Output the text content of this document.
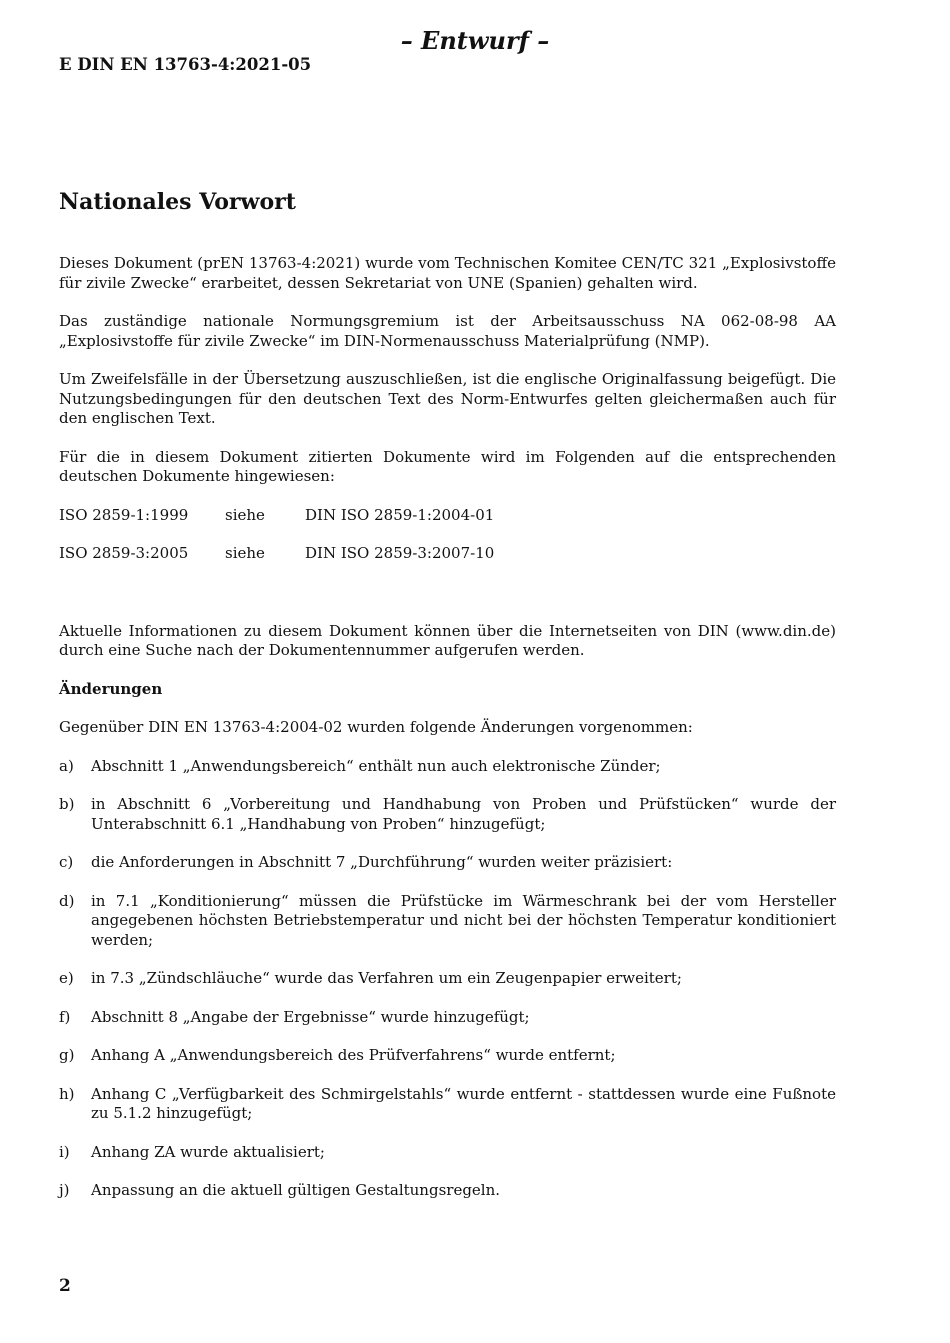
– Entwurf –
E DIN EN 13763-4:2021-05
Nationales Vorwort

Dieses Dokument (prEN 13763-4:2021) wurde vom Technischen Komitee CEN/TC 321 „Explosivstoffe für zivile Zwecke“ erarbeitet, dessen Sekretariat von UNE (Spanien) gehalten wird.

Das zuständige nationale Normungsgremium ist der Arbeitsausschuss NA 062-08-98 AA „Explosivstoffe für zivile Zwecke“ im DIN-Normenausschuss Materialprüfung (NMP).

Um Zweifelsfälle in der Übersetzung auszuschließen, ist die englische Originalfassung beigefügt. Die Nutzungsbedingungen für den deutschen Text des Norm-Entwurfes gelten gleichermaßen auch für den englischen Text.

Für die in diesem Dokument zitierten Dokumente wird im Folgenden auf die entsprechenden deutschen Dokumente hingewiesen:

ISO 2859-1:1999	siehe	DIN ISO 2859-1:2004-01
ISO 2859-3:2005	siehe	DIN ISO 2859-3:2007-10

Aktuelle Informationen zu diesem Dokument können über die Internetseiten von DIN (www.din.de) durch eine Suche nach der Dokumentennummer aufgerufen werden.

Änderungen

Gegenüber DIN EN 13763-4:2004-02 wurden folgende Änderungen vorgenommen:

a)	Abschnitt 1 „Anwendungsbereich“ enthält nun auch elektronische Zünder;
b)	in Abschnitt 6 „Vorbereitung und Handhabung von Proben und Prüfstücken“ wurde der Unterabschnitt 6.1 „Handhabung von Proben“ hinzugefügt;
c)	die Anforderungen in Abschnitt 7 „Durchführung“ wurden weiter präzisiert:
d)	in 7.1 „Konditionierung“ müssen die Prüfstücke im Wärmeschrank bei der vom Hersteller angegebenen höchsten Betriebstemperatur und nicht bei der höchsten Temperatur konditioniert werden;
e)	in 7.3 „Zündschläuche“ wurde das Verfahren um ein Zeugenpapier erweitert;
f)	Abschnitt 8 „Angabe der Ergebnisse“ wurde hinzugefügt;
g)	Anhang A „Anwendungsbereich des Prüfverfahrens“ wurde entfernt;
h)	Anhang C „Verfügbarkeit des Schmirgelstahls“ wurde entfernt - stattdessen wurde eine Fußnote zu 5.1.2 hinzugefügt;
i)	Anhang ZA wurde aktualisiert;
j)	Anpassung an die aktuell gültigen Gestaltungsregeln.
2
